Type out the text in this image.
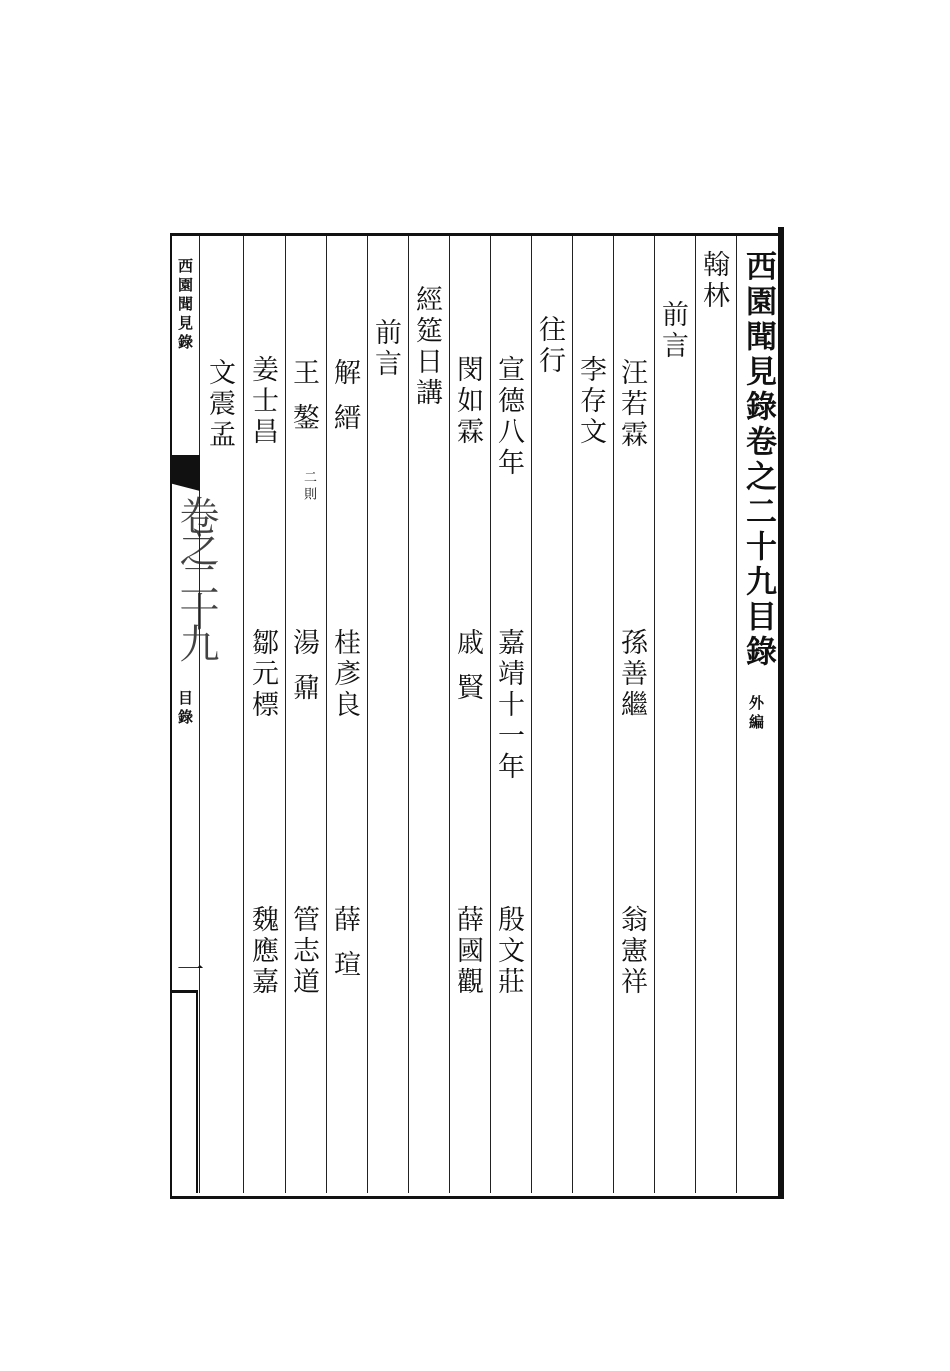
西園聞見錄卷之二十九目錄
外編
西園聞見錄
卷之二十九
目錄
一
翰林
前言
汪若霖
孫善繼
翁憲祥
李存文
往行
宣德八年
嘉靖十一年
殷文莊
閔如霖
戚賢
薛國觀
經筵日講
前言
解縉
桂彥良
薛瑄
王鏊
二則
湯鼐
管志道
姜士昌
鄒元標
魏應嘉
文震孟
